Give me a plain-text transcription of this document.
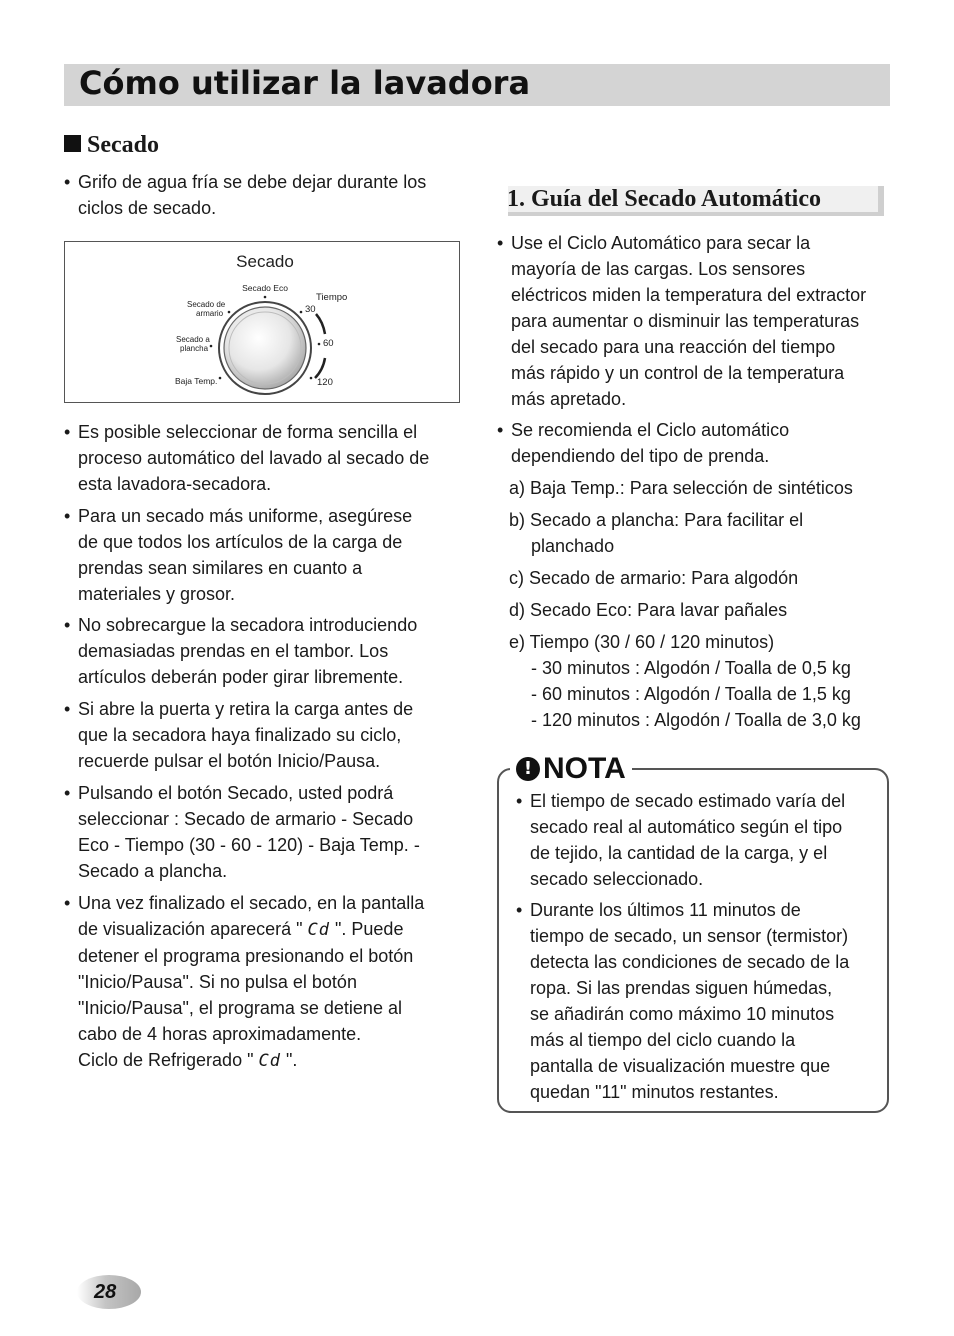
Cómo utilizar la lavadora
Secado
• Grifo de agua fría se debe dejar durante los
ciclos de secado.
Secado
Secado Eco
Tiempo
30
60
120
Secado de
armario
Secado a
plancha
Baja Temp.
• Es posible seleccionar de forma sencilla el
proceso automático del lavado al secado de
esta lavadora-secadora.
• Para un secado más uniforme, asegúrese
de que todos los artículos de la carga de
prendas sean similares en cuanto a
materiales y grosor.
• No sobrecargue la secadora introduciendo
demasiadas prendas en el tambor. Los
artículos deberán poder girar libremente.
• Si abre la puerta y retira la carga antes de
que la secadora haya finalizado su ciclo,
recuerde pulsar el botón Inicio/Pausa.
• Pulsando el botón Secado, usted podrá
seleccionar : Secado de armario - Secado
Eco - Tiempo (30 - 60 - 120) - Baja Temp. -
Secado a plancha.
• Una vez finalizado el secado, en la pantalla
de visualización aparecerá " Cd ". Puede
detener el programa presionando el botón
"Inicio/Pausa". Si no pulsa el botón
"Inicio/Pausa", el programa se detiene al
cabo de 4 horas aproximadamente.
Ciclo de Refrigerado " Cd ".
1. Guía del Secado Automático
• Use el Ciclo Automático para secar la
mayoría de las cargas. Los sensores
eléctricos miden la temperatura del extractor
para aumentar o disminuir las temperaturas
del secado para una reacción del tiempo
más rápido y un control de la temperatura
más apretado.
• Se recomienda el Ciclo automático
dependiendo del tipo de prenda.
a) Baja Temp.: Para selección de sintéticos
b) Secado a plancha: Para facilitar el
planchado
c) Secado de armario: Para algodón
d) Secado Eco: Para lavar pañales
e) Tiempo (30 / 60 / 120 minutos)
- 30 minutos : Algodón / Toalla de 0,5 kg
- 60 minutos : Algodón / Toalla de 1,5 kg
- 120 minutos : Algodón / Toalla de 3,0 kg
! NOTA
• El tiempo de secado estimado varía del
secado real al automático según el tipo
de tejido, la cantidad de la carga, y el
secado seleccionado.
• Durante los últimos 11 minutos de
tiempo de secado, un sensor (termistor)
detecta las condiciones de secado de la
ropa. Si las prendas siguen húmedas,
se añadirán como máximo 10 minutos
más al tiempo del ciclo cuando la
pantalla de visualización muestre que
quedan "11" minutos restantes.
28
